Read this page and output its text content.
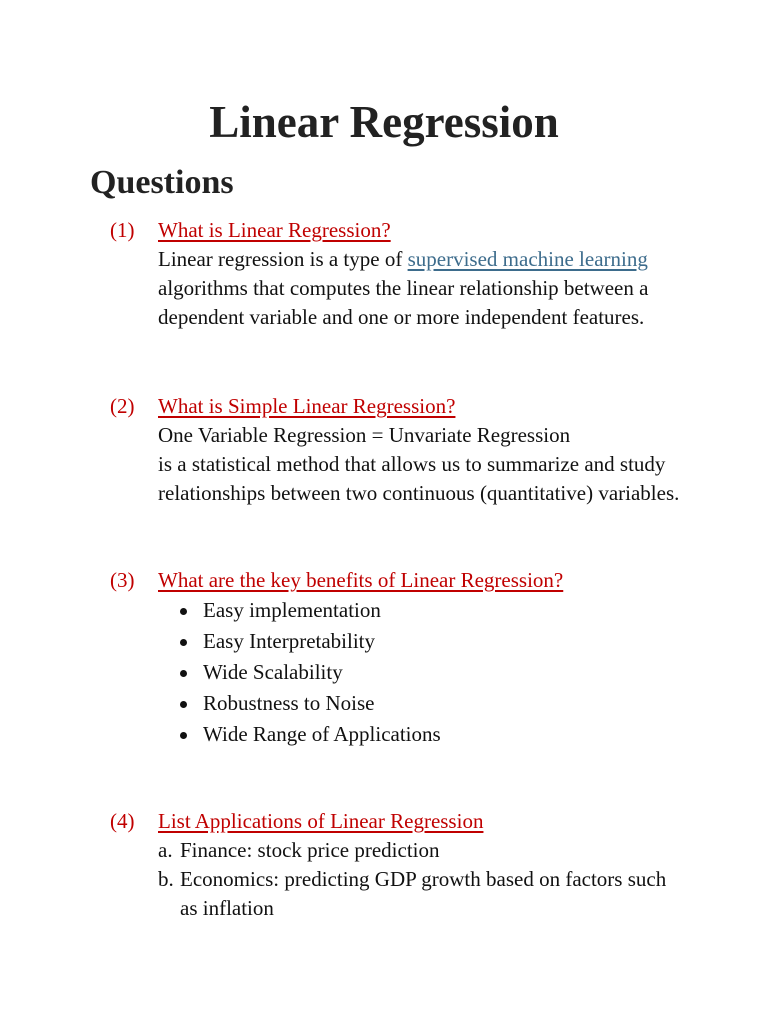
Linear Regression
Questions
(1) What is Linear Regression?

Linear regression is a type of supervised machine learning algorithms that computes the linear relationship between a dependent variable and one or more independent features.

(2) What is Simple Linear Regression?

One Variable Regression = Unvariate Regression

is a statistical method that allows us to summarize and study relationships between two continuous (quantitative) variables.

(3) What are the key benefits of Linear Regression?
Easy implementation
Easy Interpretability
Wide Scalability
Robustness to Noise
Wide Range of Applications
(4) List Applications of Linear Regression
a. Finance: stock price prediction
b. Economics: predicting GDP growth based on factors such as inflation
